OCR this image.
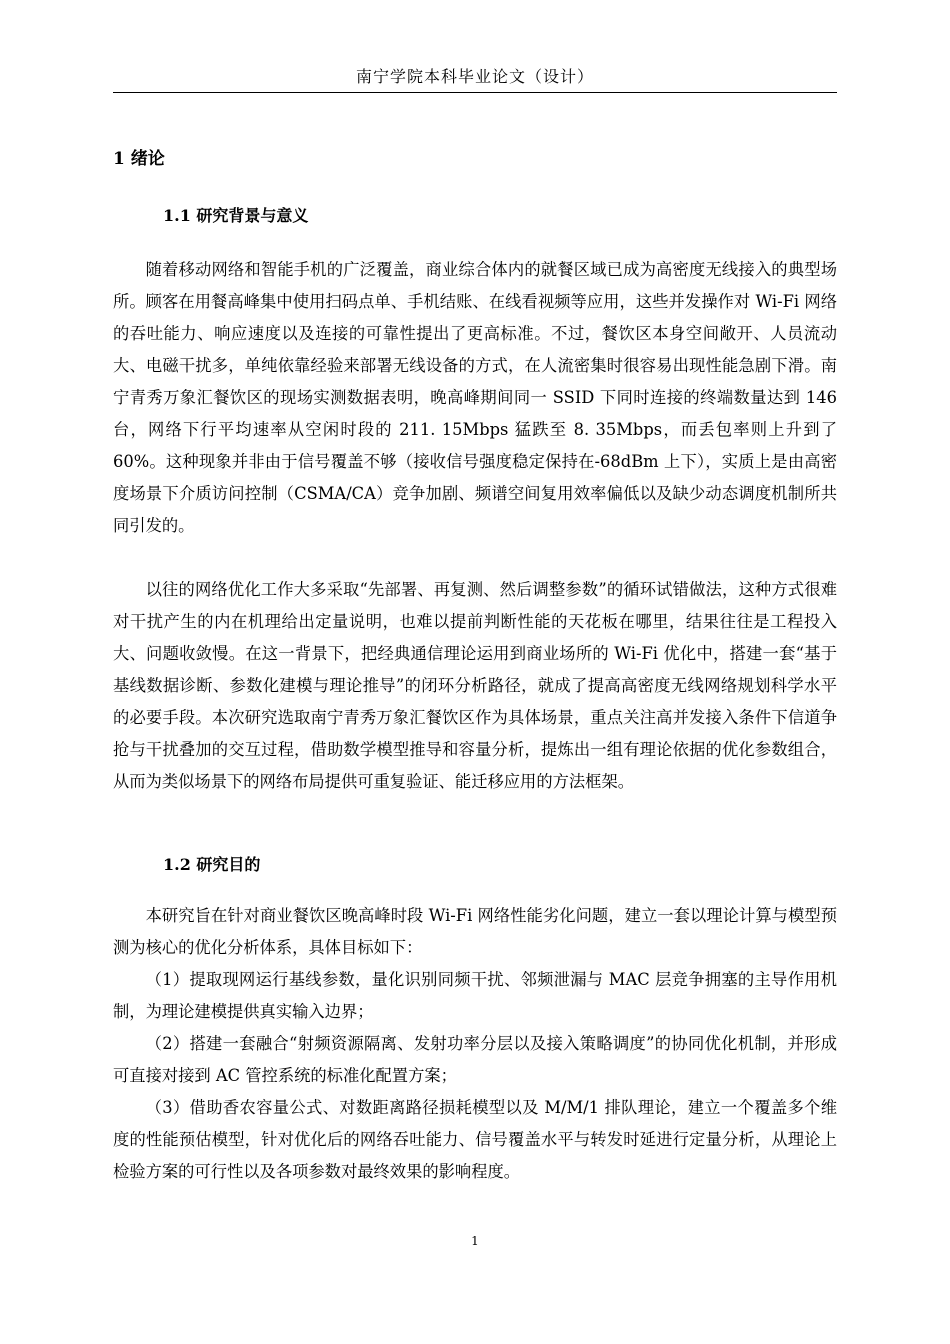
南宁学院本科毕业论文（设计）
1 绪论
1.1 研究背景与意义

随着移动网络和智能手机的广泛覆盖，商业综合体内的就餐区域已成为高密度无线接入的典型场所。顾客在用餐高峰集中使用扫码点单、手机结账、在线看视频等应用，这些并发操作对 Wi-Fi 网络的吞吐能力、响应速度以及连接的可靠性提出了更高标准。不过，餐饮区本身空间敞开、人员流动大、电磁干扰多，单纯依靠经验来部署无线设备的方式，在人流密集时很容易出现性能急剧下滑。南宁青秀万象汇餐饮区的现场实测数据表明，晚高峰期间同一 SSID 下同时连接的终端数量达到 146 台，网络下行平均速率从空闲时段的 211. 15Mbps 猛跌至 8. 35Mbps，而丢包率则上升到了 60%。这种现象并非由于信号覆盖不够（接收信号强度稳定保持在-68dBm 上下），实质上是由高密度场景下介质访问控制（CSMA/CA）竞争加剧、频谱空间复用效率偏低以及缺少动态调度机制所共同引发的。

以往的网络优化工作大多采取“先部署、再复测、然后调整参数”的循环试错做法，这种方式很难对干扰产生的内在机理给出定量说明，也难以提前判断性能的天花板在哪里，结果往往是工程投入大、问题收敛慢。在这一背景下，把经典通信理论运用到商业场所的 Wi-Fi 优化中，搭建一套“基于基线数据诊断、参数化建模与理论推导”的闭环分析路径，就成了提高高密度无线网络规划科学水平的必要手段。本次研究选取南宁青秀万象汇餐饮区作为具体场景，重点关注高并发接入条件下信道争抢与干扰叠加的交互过程，借助数学模型推导和容量分析，提炼出一组有理论依据的优化参数组合，从而为类似场景下的网络布局提供可重复验证、能迁移应用的方法框架。

1.2 研究目的

本研究旨在针对商业餐饮区晚高峰时段 Wi-Fi 网络性能劣化问题，建立一套以理论计算与模型预测为核心的优化分析体系，具体目标如下：

（1）提取现网运行基线参数，量化识别同频干扰、邻频泄漏与 MAC 层竞争拥塞的主导作用机制，为理论建模提供真实输入边界；

（2）搭建一套融合“射频资源隔离、发射功率分层以及接入策略调度”的协同优化机制，并形成可直接对接到 AC 管控系统的标准化配置方案；

（3）借助香农容量公式、对数距离路径损耗模型以及 M/M/1 排队理论，建立一个覆盖多个维度的性能预估模型，针对优化后的网络吞吐能力、信号覆盖水平与转发时延进行定量分析，从理论上检验方案的可行性以及各项参数对最终效果的影响程度。

1
